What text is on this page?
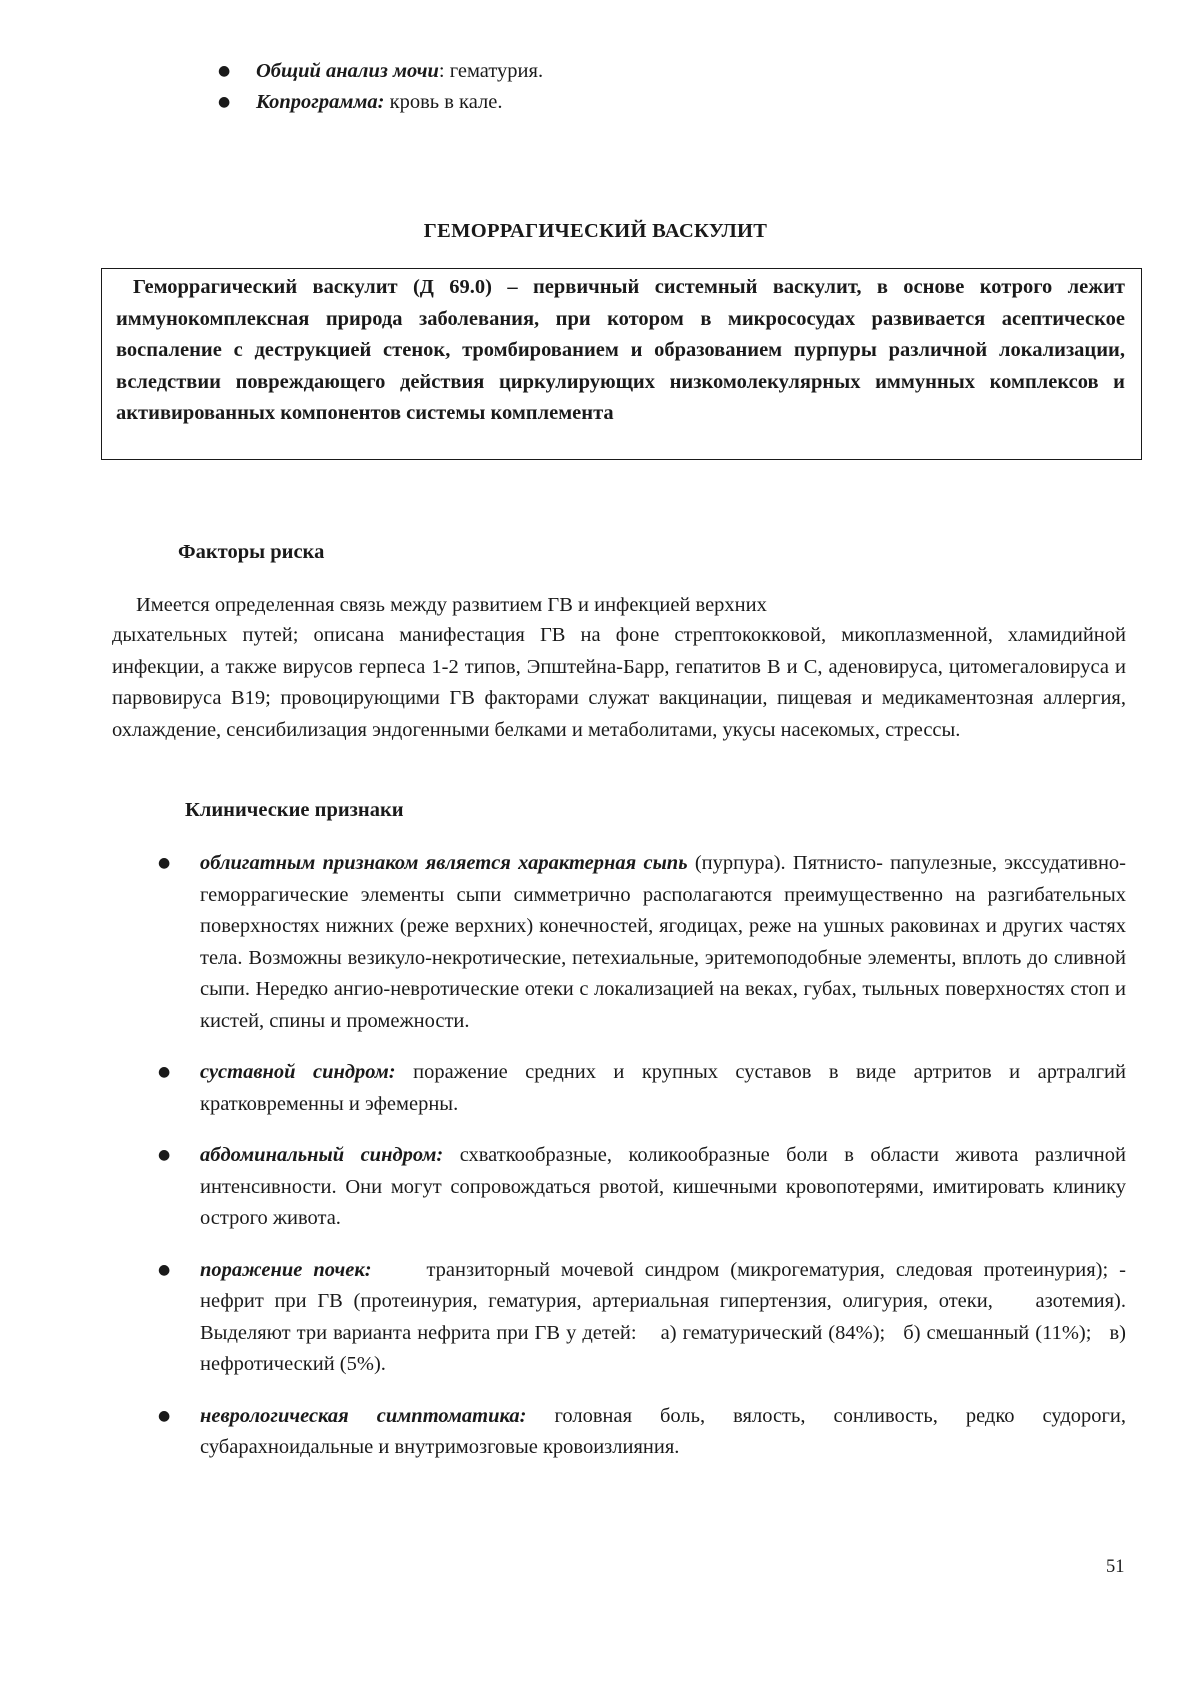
● Общий анализ мочи: гематурия.
● Копрограмма: кровь в кале.
ГЕМОРРАГИЧЕСКИЙ ВАСКУЛИТ
Геморрагический васкулит (Д 69.0) – первичный системный васкулит, в основе котрого лежит иммунокомплексная природа заболевания, при котором в микрососудах развивается асептическое воспаление с деструкцией стенок, тромбированием и образованием пурпуры различной локализации, вследствии повреждающего действия циркулирующих низкомолекулярных иммунных комплексов и активированных компонентов системы комплемента
Факторы риска
Имеется определенная связь между развитием ГВ и инфекцией верхних
дыхательных путей; описана манифестация ГВ на фоне стрептококковой, микоплазменной, хламидийной инфекции, а также вирусов герпеса 1-2 типов, Эпштейна-Барр, гепатитов В и С, аденовируса, цитомегаловируса и парвовируса В19; провоцирующими ГВ факторами служат вакцинации, пищевая и медикаментозная аллергия, охлаждение, сенсибилизация эндогенными белками и метаболитами, укусы насекомых, стрессы.
Клинические признаки
● облигатным признаком является характерная сыпь (пурпура). Пятнисто- папулезные, экссудативно-геморрагические элементы сыпи симметрично располагаются преимущественно на разгибательных поверхностях нижних (реже верхних) конечностей, ягодицах, реже на ушных раковинах и других частях тела. Возможны везикуло-некротические, петехиальные, эритемоподобные элементы, вплоть до сливной сыпи. Нередко ангио-невротические отеки с локализацией на веках, губах, тыльных поверхностях стоп и кистей, спины и промежности.
● суставной синдром: поражение средних и крупных суставов в виде артритов и артралгий кратковременны и эфемерны.
● абдоминальный синдром: схваткообразные, коликообразные боли в области живота различной интенсивности. Они могут сопровождаться рвотой, кишечными кровопотерями, имитировать клинику острого живота.
● поражение почек:     транзиторный мочевой синдром (микрогематурия, следовая протеинурия); -   нефрит при ГВ (протеинурия, гематурия, артериальная гипертензия, олигурия, отеки,    азотемия).  Выделяют три варианта нефрита при ГВ у детей:    а) гематурический (84%);   б) смешанный (11%);   в) нефротический (5%).
● неврологическая симптоматика: головная боль, вялость, сонливость, редко судороги, субарахноидальные и внутримозговые кровоизлияния.
51
